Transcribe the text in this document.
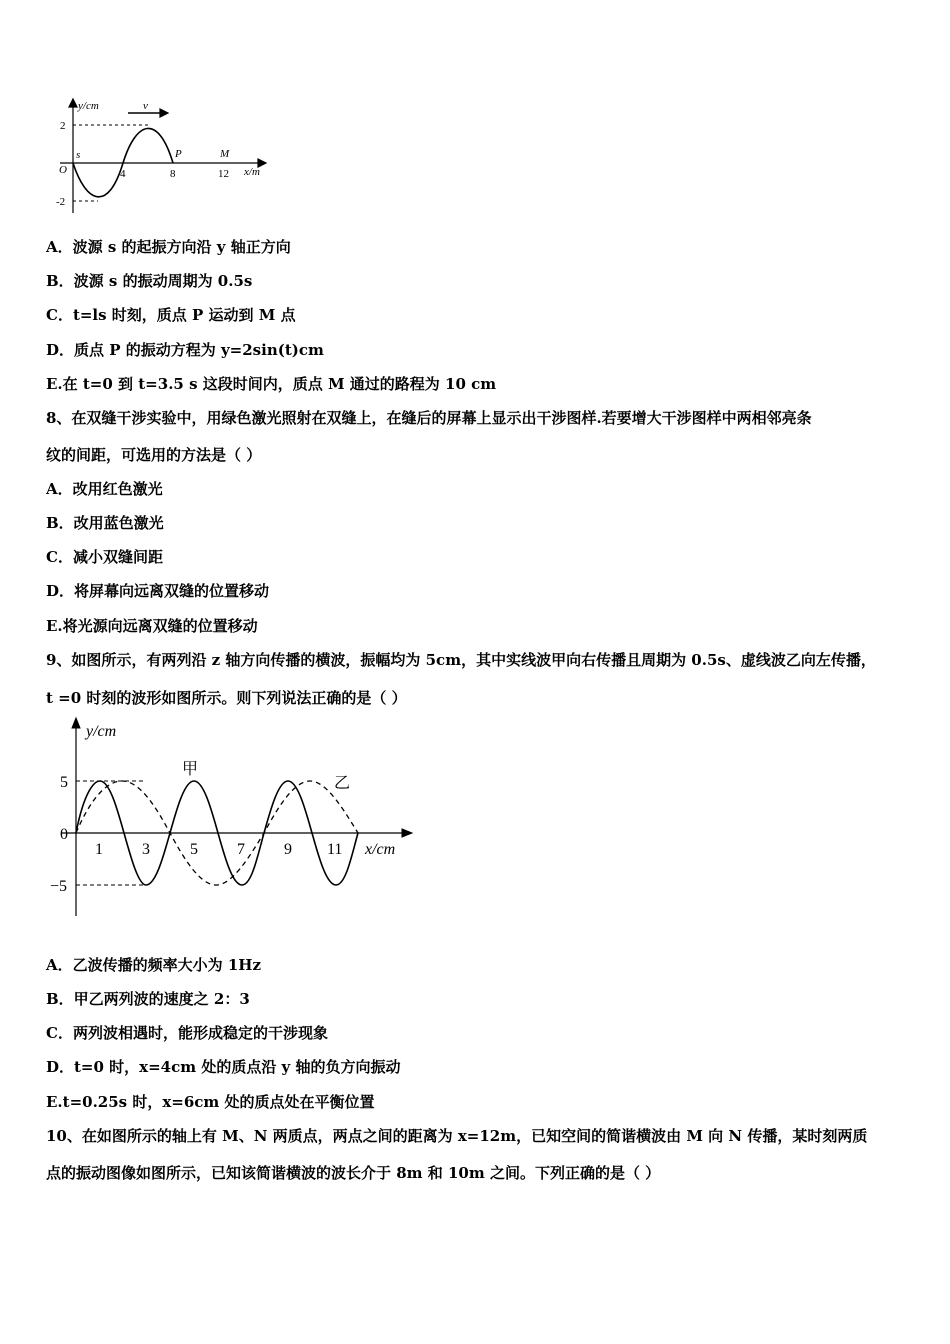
y/cm	v
2
-2
O
s
4	8	12
P	M
x/m
A．波源 s 的起振方向沿 y 轴正方向
B．波源 s 的振动周期为 0.5s
C．t=ls 时刻，质点 P 运动到 M 点
D．质点 P 的振动方程为 y=2sin(t)cm
E.在 t=0 到 t=3.5 s 这段时间内，质点 M 通过的路程为 10 cm
8、在双缝干涉实验中，用绿色激光照射在双缝上，在缝后的屏幕上显示出干涉图样.若要增大干涉图样中两相邻亮条
纹的间距，可选用的方法是（ ）
A．改用红色激光
B．改用蓝色激光
C．减小双缝间距
D．将屏幕向远离双缝的位置移动
E.将光源向远离双缝的位置移动
9、如图所示，有两列沿 z 轴方向传播的横波，振幅均为 5cm，其中实线波甲向右传播且周期为 0.5s、虚线波乙向左传播，
t =0 时刻的波形如图所示。则下列说法正确的是（ ）
y/cm
甲
乙
5
0
−5
1 3	5 7 9 11 x/cm
A．乙波传播的频率大小为 1Hz
B．甲乙两列波的速度之 2：3
C．两列波相遇时，能形成稳定的干涉现象
D．t=0 时，x=4cm 处的质点沿 y 轴的负方向振动
E.t=0.25s 时，x=6cm 处的质点处在平衡位置
10、在如图所示的轴上有 M、N 两质点，两点之间的距离为 x=12m，已知空间的简谐横波由 M 向 N 传播，某时刻两质
点的振动图像如图所示，已知该简谐横波的波长介于 8m 和 10m 之间。下列正确的是（ ）
